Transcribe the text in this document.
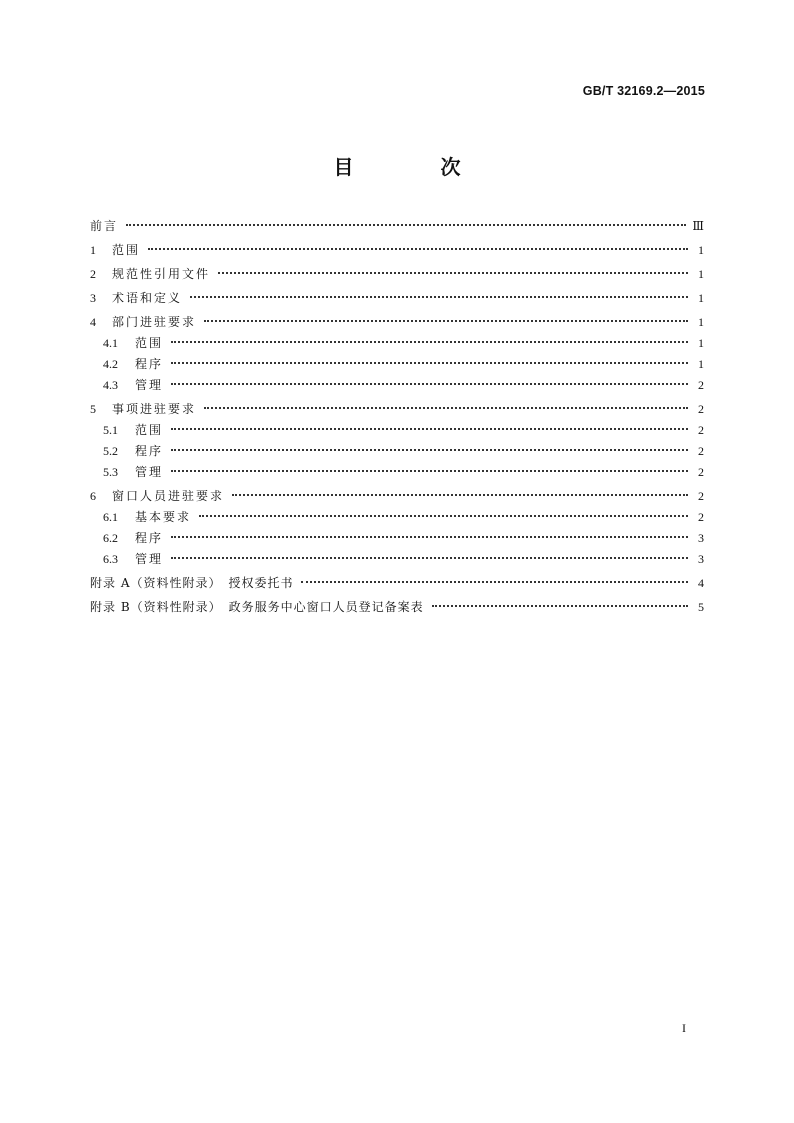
GB/T 32169.2—2015
目 次
前言	Ⅲ
1	范围	1
2	规范性引用文件	1
3	术语和定义	1
4	部门进驻要求	1
4.1	范围	1
4.2	程序	1
4.3	管理	2
5	事项进驻要求	2
5.1	范围	2
5.2	程序	2
5.3	管理	2
6	窗口人员进驻要求	2
6.1	基本要求	2
6.2	程序	3
6.3	管理	3
附录 A（资料性附录）　授权委托书	4
附录 B（资料性附录）　政务服务中心窗口人员登记备案表	5
I
